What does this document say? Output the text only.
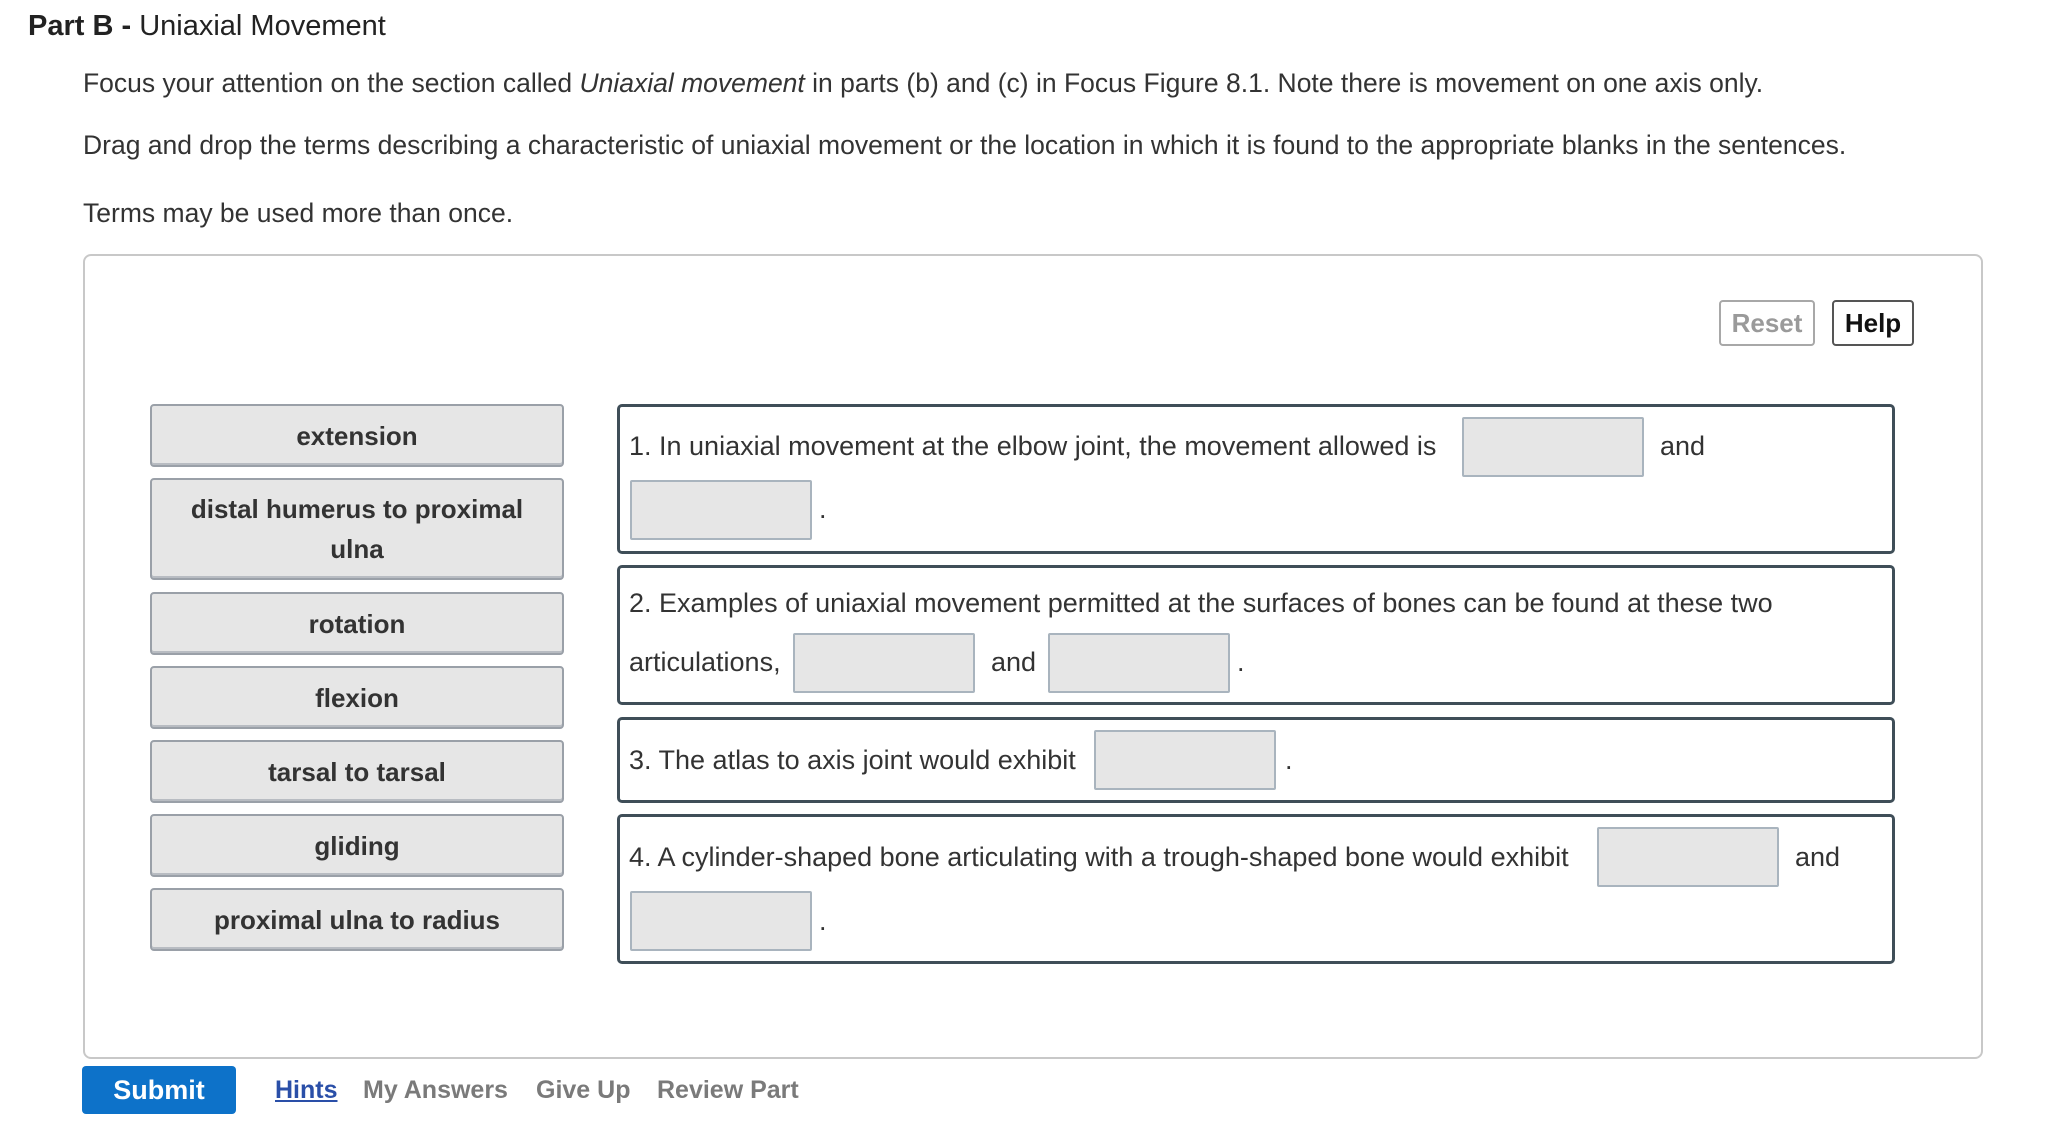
Part B - Uniaxial Movement
Focus your attention on the section called Uniaxial movement in parts (b) and (c) in Focus Figure 8.1. Note there is movement on one axis only.
Drag and drop the terms describing a characteristic of uniaxial movement or the location in which it is found to the appropriate blanks in the sentences.
Terms may be used more than once.
Reset	Help
extension
distal humerus to proximal ulna
rotation
flexion
tarsal to tarsal
gliding
proximal ulna to radius
1. In uniaxial movement at the elbow joint, the movement allowed is	and
.
2. Examples of uniaxial movement permitted at the surfaces of bones can be found at these two
articulations,	and	.
3. The atlas to axis joint would exhibit	.
4. A cylinder-shaped bone articulating with a trough-shaped bone would exhibit	and
.
Submit	Hints My Answers Give Up Review Part
